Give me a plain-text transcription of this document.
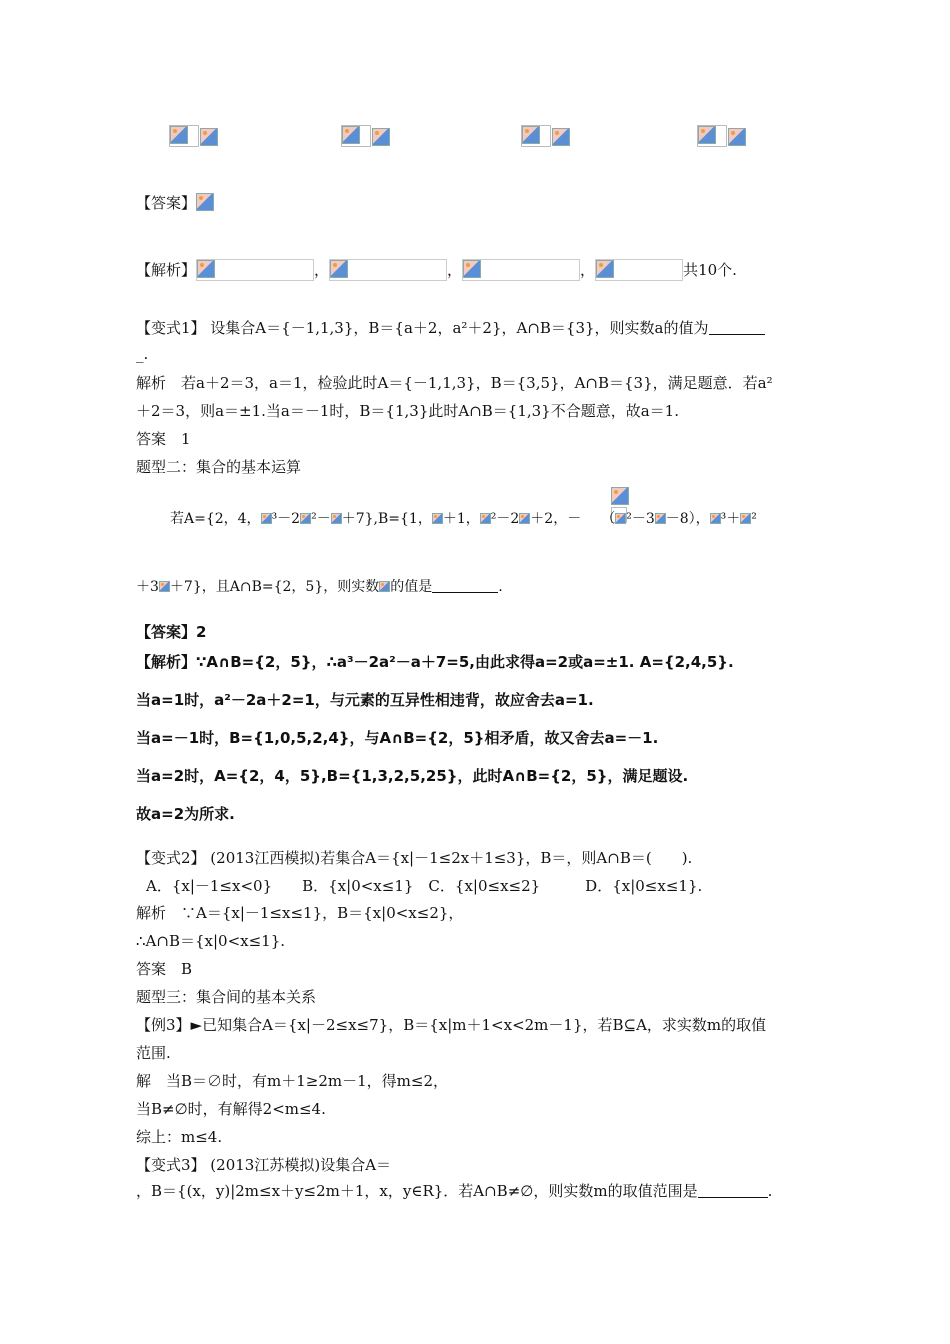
【答案】
【解析】	，	，	，	共10个.
【变式1】 设集合A＝{－1,1,3}，B＝{a＋2，a²＋2}，A∩B＝{3}，则实数a的值为
_.
解析　若a＋2＝3，a＝1，检验此时A＝{－1,1,3}，B＝{3,5}，A∩B＝{3}，满足题意．若a²
＋2＝3，则a＝±1.当a＝－1时，B＝{1,3}此时A∩B＝{1,3}不合题意，故a＝1.
答案　1
题型二：集合的基本运算
若A={2，4， ³－2 ²－ ＋7},B={1， ＋1， ²－2 ＋2，－ （ ²－3 －8）， ³＋ ²
＋3 ＋7}，且A∩B={2，5}，则实数 的值是	.
【答案】2
【解析】∵A∩B={2，5}，∴a³－2a²－a＋7=5,由此求得a=2或a=±1. A={2,4,5}.
当a=1时，a²－2a＋2=1，与元素的互异性相违背，故应舍去a=1.
当a=－1时，B={1,0,5,2,4}，与A∩B={2，5}相矛盾，故又舍去a=－1.
当a=2时，A={2，4，5},B={1,3,2,5,25}，此时A∩B={2，5}，满足题设.
故a=2为所求.
【变式2】 (2013江西模拟)若集合A＝{x|－1≤2x＋1≤3}，B＝，则A∩B＝(　　).
A．{x|－1≤x<0}　　B．{x|0<x≤1}　C．{x|0≤x≤2}　　　D．{x|0≤x≤1}.
解析　∵A＝{x|－1≤x≤1}，B＝{x|0<x≤2}，
∴A∩B＝{x|0<x≤1}.
答案　B
题型三：集合间的基本关系
【例3】►已知集合A＝{x|－2≤x≤7}，B＝{x|m＋1<x<2m－1}，若B⊆A，求实数m的取值
范围.
解　当B＝∅时，有m＋1≥2m－1，得m≤2，
当B≠∅时，有解得2<m≤4.
综上：m≤4.
【变式3】 (2013江苏模拟)设集合A＝
，B＝{(x，y)|2m≤x＋y≤2m＋1，x，y∈R}．若A∩B≠∅，则实数m的取值范围是	.
